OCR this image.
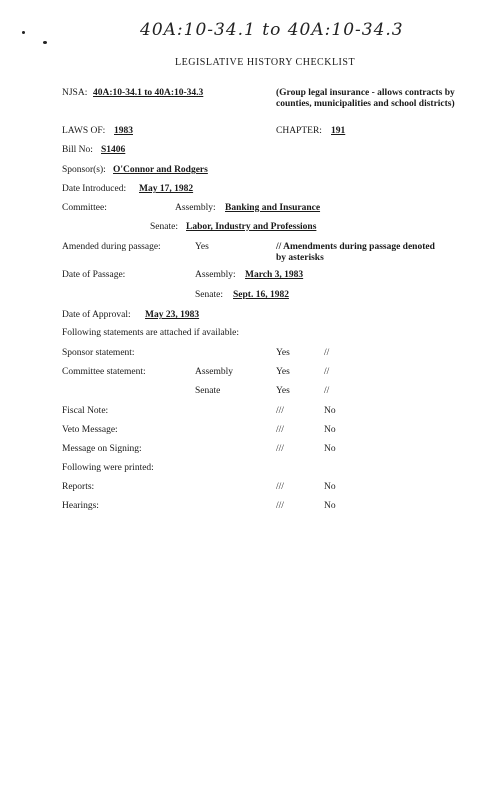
40A:10-34.1 to 40A:10-34.3
LEGISLATIVE HISTORY CHECKLIST
NJSA: 40A:10-34.1 to 40A:10-34.3	(Group legal insurance - allows contracts by counties, municipalities and school districts)
LAWS OF: 1983	CHAPTER: 191
Bill No: S1406
Sponsor(s): O'Connor and Rodgers
Date Introduced: May 17, 1982
Committee:	Assembly: Banking and Insurance
Senate: Labor, Industry and Professions
Amended during passage:	Yes	// Amendments during passage denoted by asterisks
Date of Passage:	Assembly: March 3, 1983
Senate: Sept. 16, 1982
Date of Approval: May 23, 1983
Following statements are attached if available:
Sponsor statement:	Yes	//
Committee statement:	Assembly	Yes	//
Senate	Yes	//
Fiscal Note:	///	No
Veto Message:	///	No
Message on Signing:	///	No
Following were printed:
Reports:	///	No
Hearings:	///	No
